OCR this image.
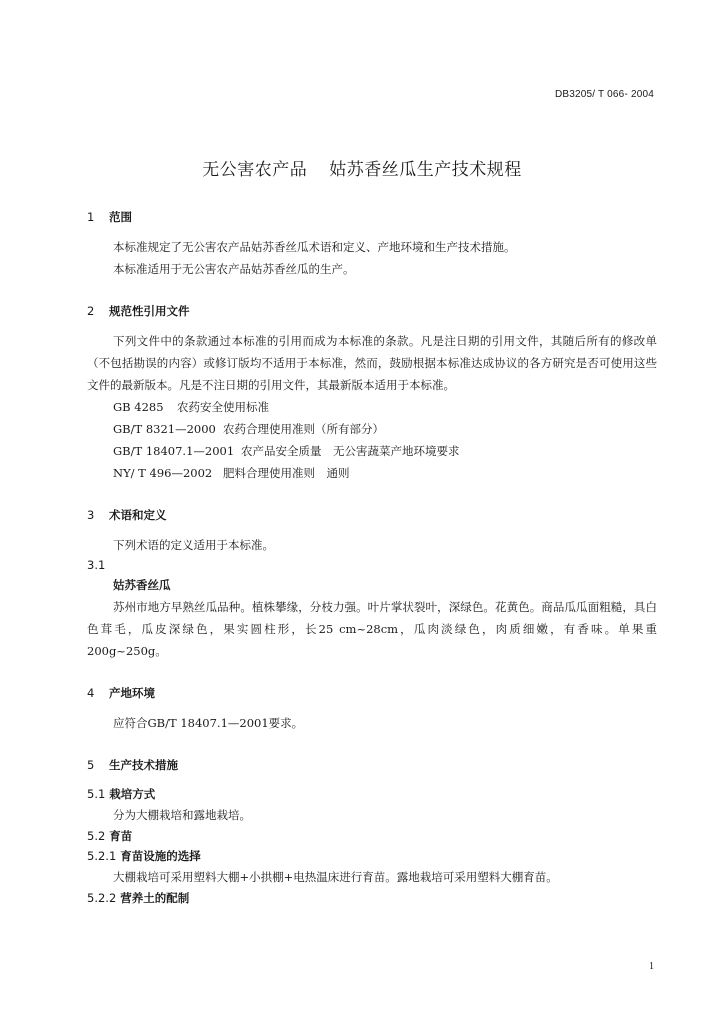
DB3205/ T 066- 2004
无公害农产品 姑苏香丝瓜生产技术规程
1 范围
本标准规定了无公害农产品姑苏香丝瓜术语和定义、产地环境和生产技术措施。
本标准适用于无公害农产品姑苏香丝瓜的生产。
2 规范性引用文件
下列文件中的条款通过本标准的引用而成为本标准的条款。凡是注日期的引用文件，其随后所有的修改单（不包括勘误的内容）或修订版均不适用于本标准，然而，鼓励根据本标准达成协议的各方研究是否可使用这些文件的最新版本。凡是不注日期的引用文件，其最新版本适用于本标准。
GB 4285 农药安全使用标准
GB/T 8321—2000 农药合理使用准则（所有部分）
GB/T 18407.1—2001 农产品安全质量　无公害蔬菜产地环境要求
NY/ T 496—2002 肥料合理使用准则　通则
3 术语和定义
下列术语的定义适用于本标准。
3.1
姑苏香丝瓜
苏州市地方早熟丝瓜品种。植株攀缘，分枝力强。叶片掌状裂叶，深绿色。花黄色。商品瓜瓜面粗糙，具白色茸毛，瓜皮深绿色，果实圆柱形，长25 cm~28cm，瓜肉淡绿色，肉质细嫩，有香味。单果重200g~250g。
4 产地环境
应符合GB/T 18407.1—2001要求。
5 生产技术措施
5.1 栽培方式
分为大棚栽培和露地栽培。
5.2 育苗
5.2.1 育苗设施的选择
大棚栽培可采用塑料大棚+小拱棚+电热温床进行育苗。露地栽培可采用塑料大棚育苗。
5.2.2 营养土的配制
1
